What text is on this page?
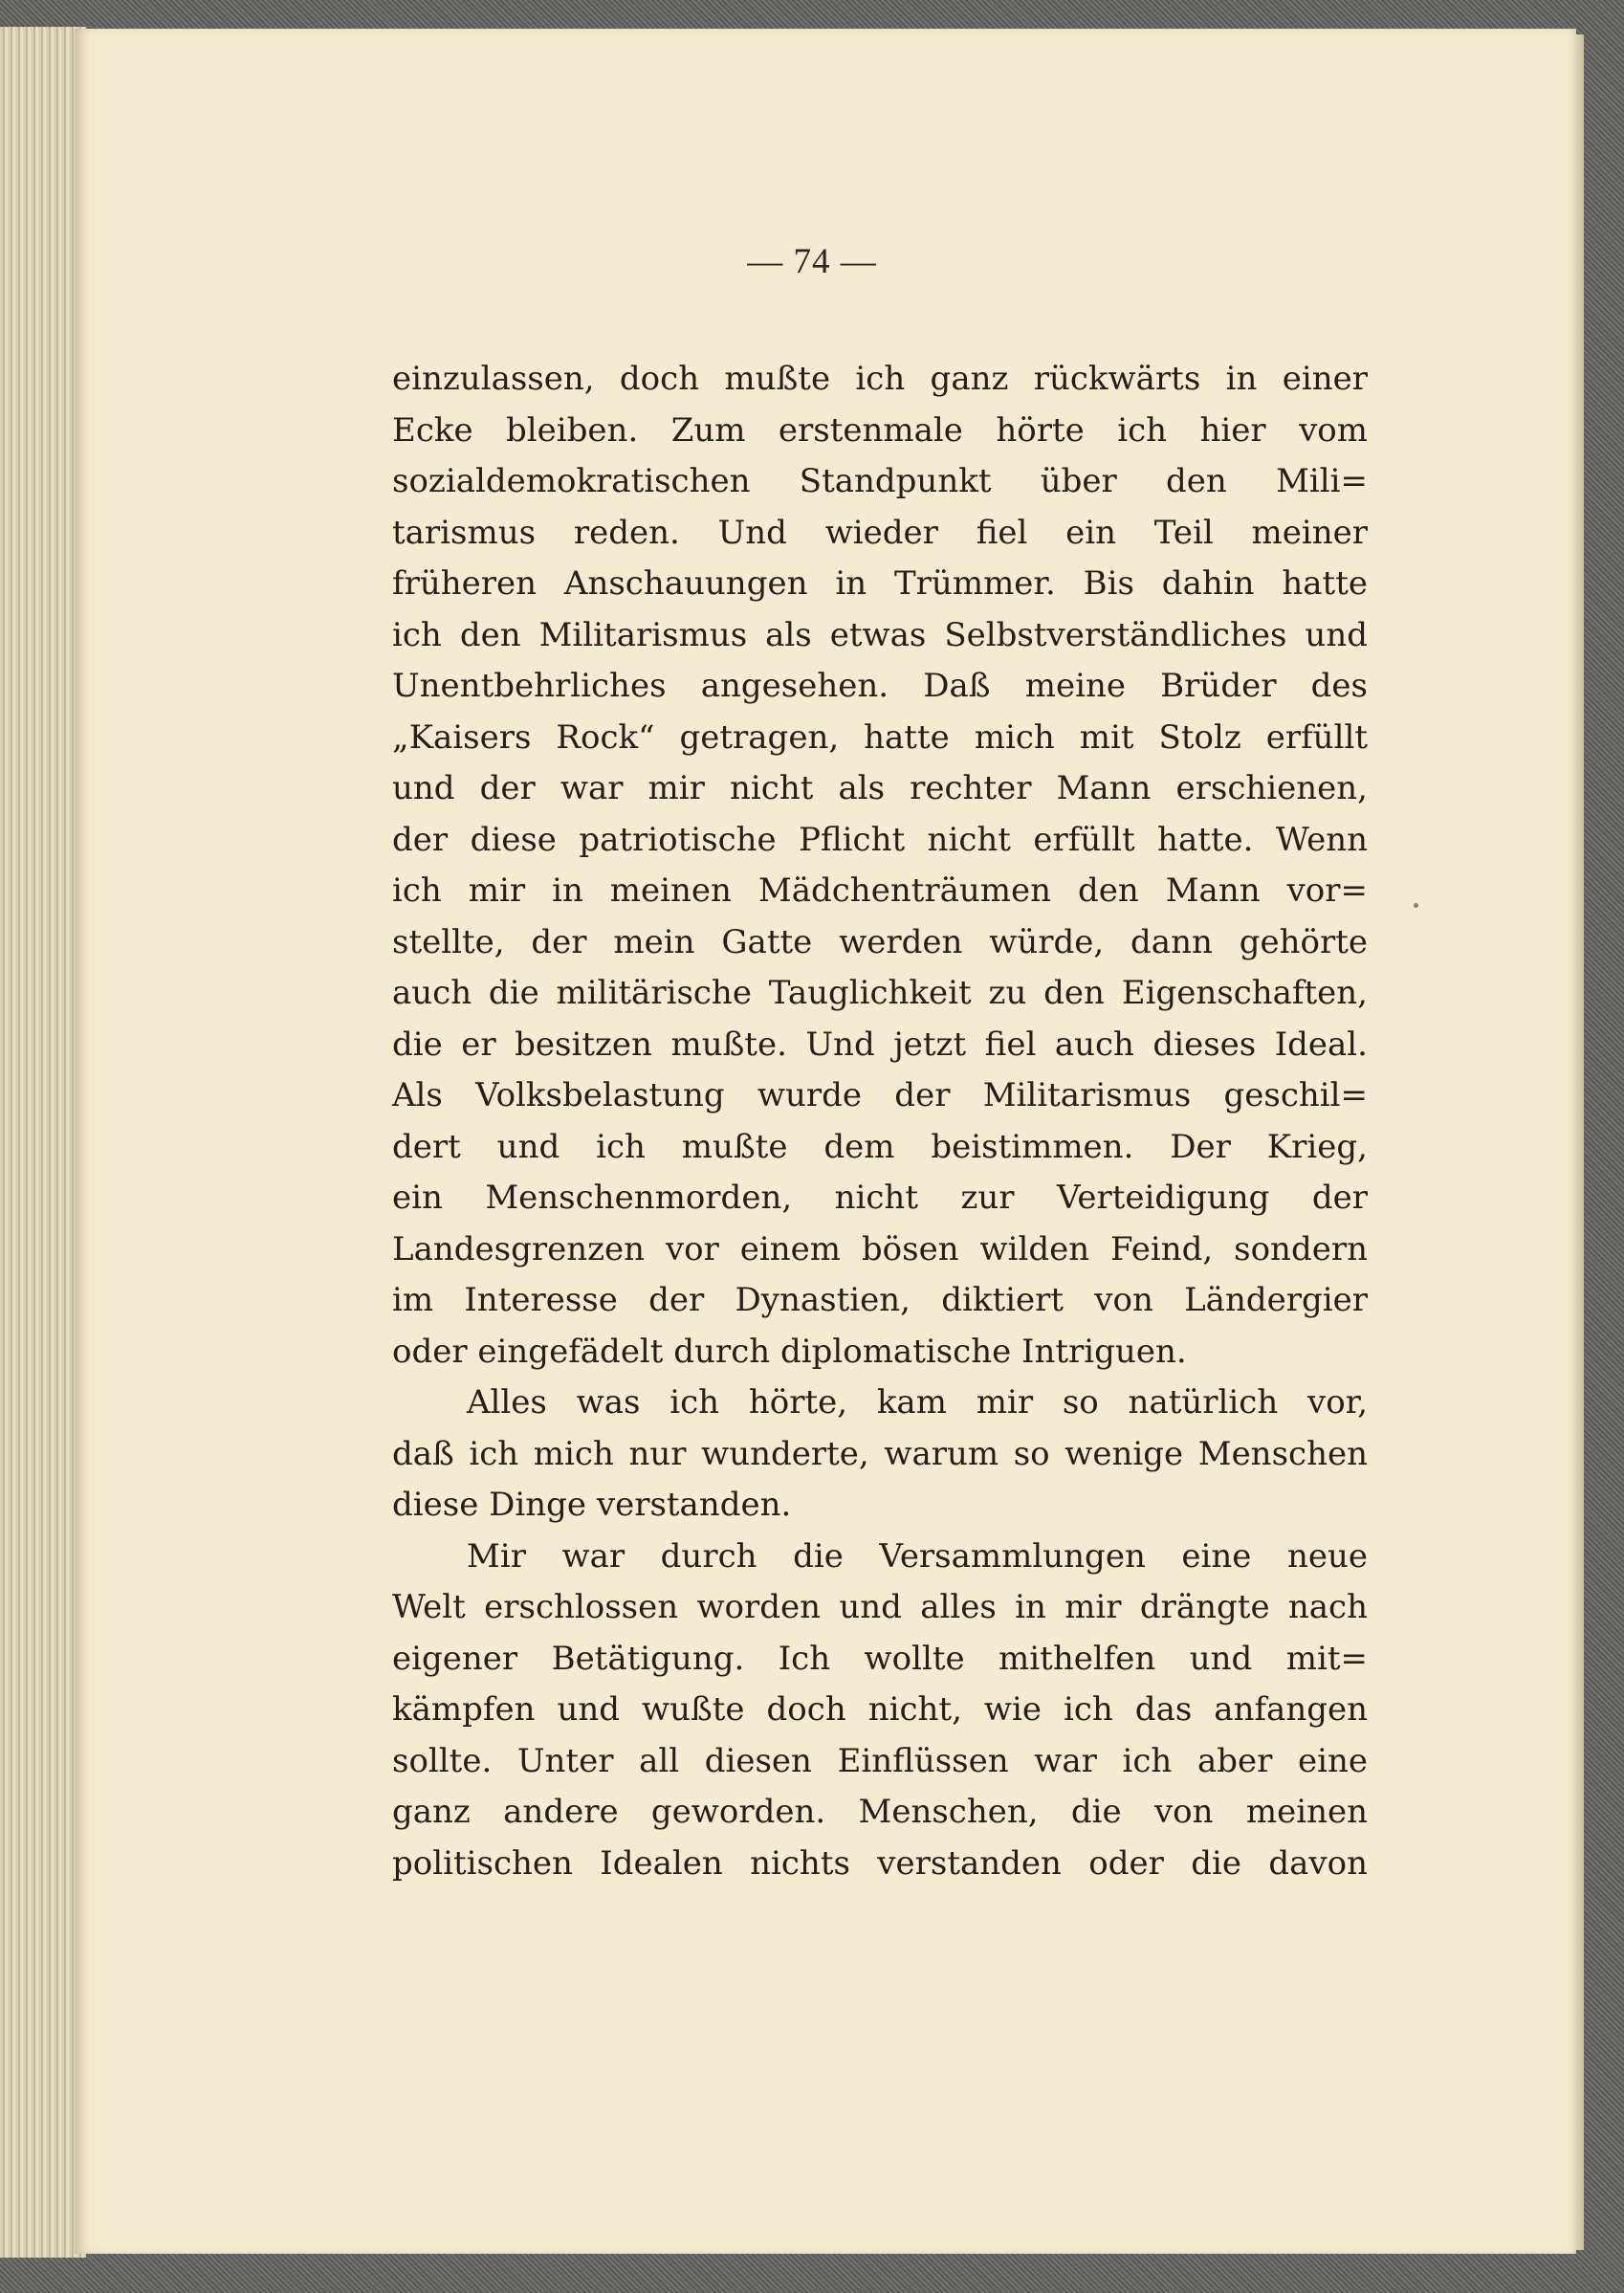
— 74 —
einzulassen, doch mußte ich ganz rückwärts in einer
Ecke bleiben. Zum erstenmale hörte ich hier vom
sozialdemokratischen Standpunkt über den Mili=
tarismus reden. Und wieder fiel ein Teil meiner
früheren Anschauungen in Trümmer. Bis dahin hatte
ich den Militarismus als etwas Selbstverständliches und
Unentbehrliches angesehen. Daß meine Brüder des
„Kaisers Rock“ getragen, hatte mich mit Stolz erfüllt
und der war mir nicht als rechter Mann erschienen,
der diese patriotische Pflicht nicht erfüllt hatte. Wenn
ich mir in meinen Mädchenträumen den Mann vor=
stellte, der mein Gatte werden würde, dann gehörte
auch die militärische Tauglichkeit zu den Eigenschaften,
die er besitzen mußte. Und jetzt fiel auch dieses Ideal.
Als Volksbelastung wurde der Militarismus geschil=
dert und ich mußte dem beistimmen. Der Krieg,
ein Menschenmorden, nicht zur Verteidigung der
Landesgrenzen vor einem bösen wilden Feind, sondern
im Interesse der Dynastien, diktiert von Ländergier
oder eingefädelt durch diplomatische Intriguen.
Alles was ich hörte, kam mir so natürlich vor,
daß ich mich nur wunderte, warum so wenige Menschen
diese Dinge verstanden.
Mir war durch die Versammlungen eine neue
Welt erschlossen worden und alles in mir drängte nach
eigener Betätigung. Ich wollte mithelfen und mit=
kämpfen und wußte doch nicht, wie ich das anfangen
sollte. Unter all diesen Einflüssen war ich aber eine
ganz andere geworden. Menschen, die von meinen
politischen Idealen nichts verstanden oder die davon
